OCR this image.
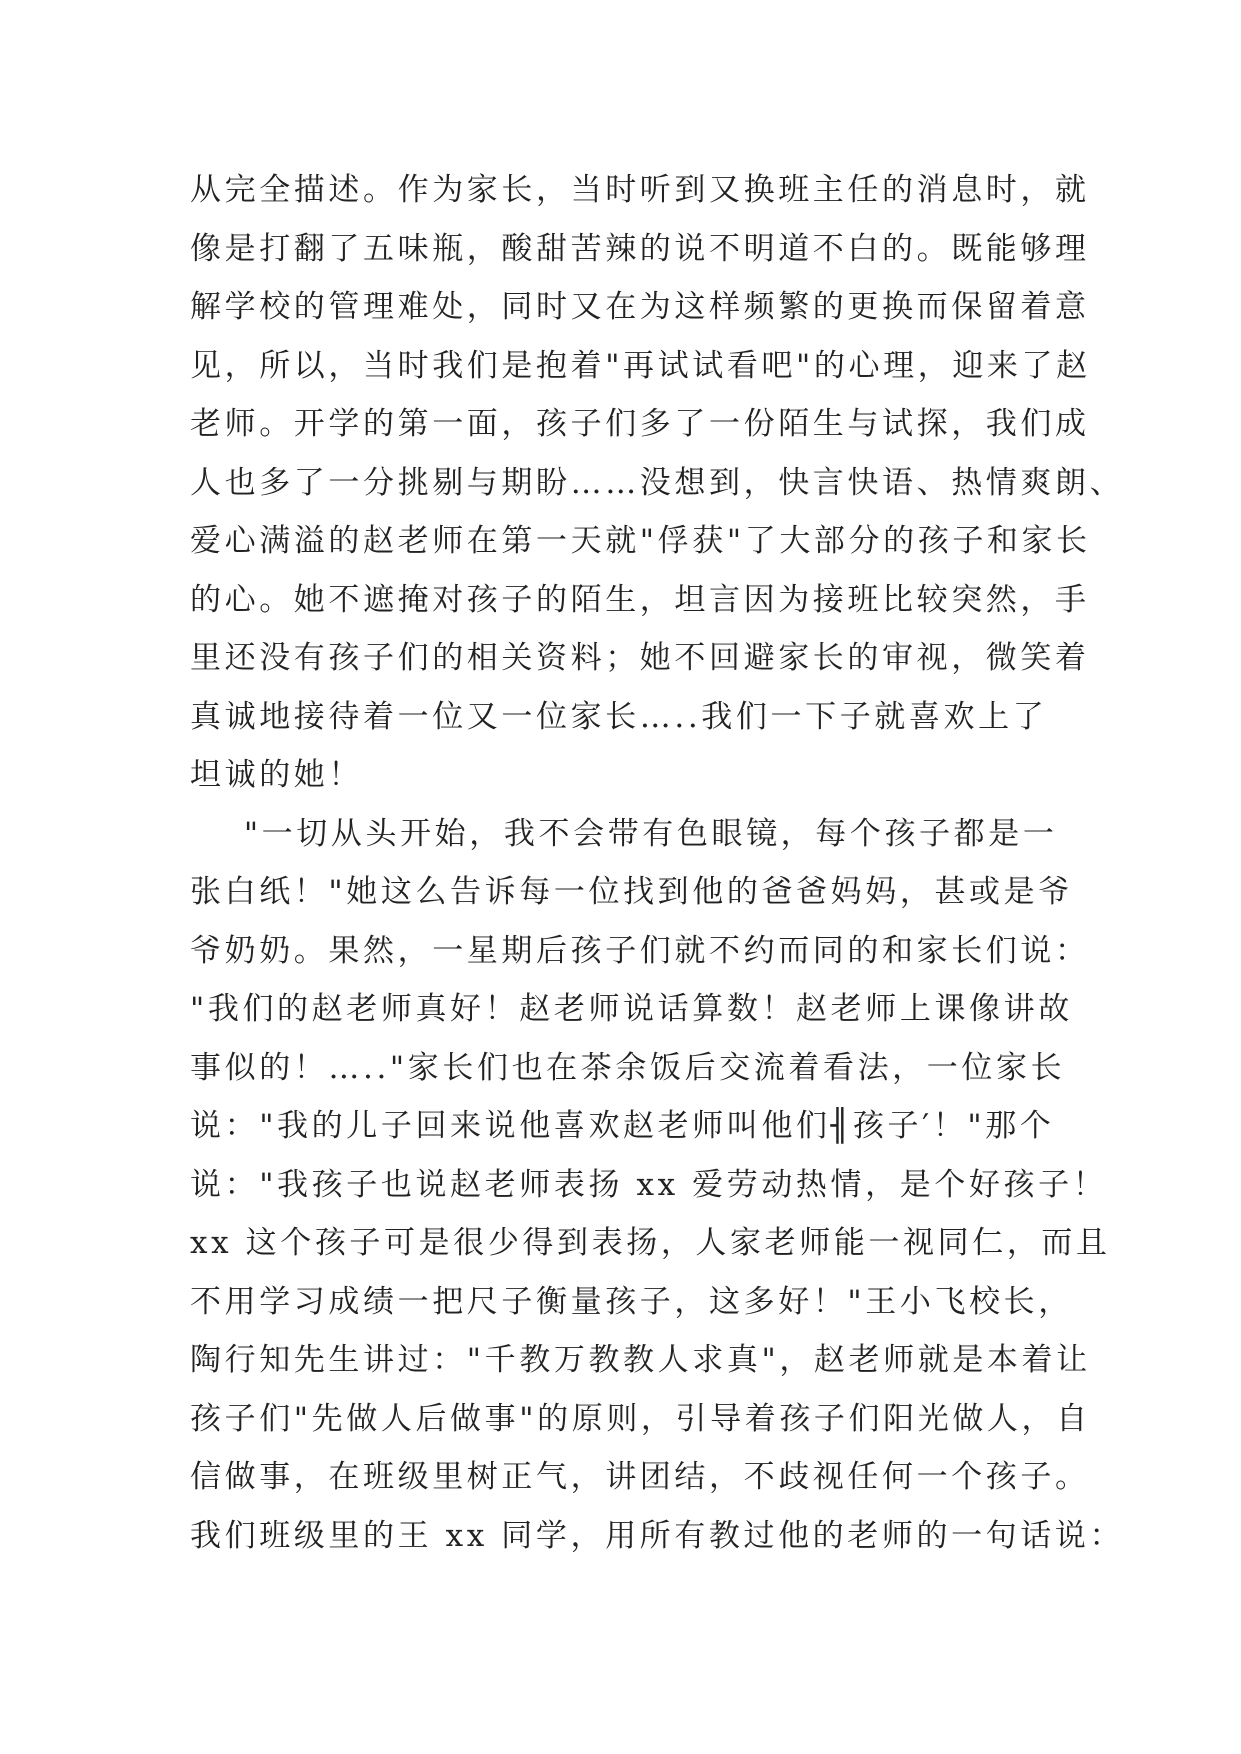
从完全描述。作为家长，当时听到又换班主任的消息时，就
像是打翻了五味瓶，酸甜苦辣的说不明道不白的。既能够理
解学校的管理难处，同时又在为这样频繁的更换而保留着意
见，所以，当时我们是抱着"再试试看吧"的心理，迎来了赵
老师。开学的第一面，孩子们多了一份陌生与试探，我们成
人也多了一分挑剔与期盼……没想到，快言快语、热情爽朗、
爱心满溢的赵老师在第一天就"俘获"了大部分的孩子和家长
的心。她不遮掩对孩子的陌生，坦言因为接班比较突然，手
里还没有孩子们的相关资料；她不回避家长的审视，微笑着
真诚地接待着一位又一位家长…..我们一下子就喜欢上了
坦诚的她！
"一切从头开始，我不会带有色眼镜，每个孩子都是一
张白纸！"她这么告诉每一位找到他的爸爸妈妈，甚或是爷
爷奶奶。果然，一星期后孩子们就不约而同的和家长们说：
"我们的赵老师真好！赵老师说话算数！赵老师上课像讲故
事似的！….."家长们也在茶余饭后交流着看法，一位家长
说："我的儿子回来说他喜欢赵老师叫他们╢孩子′！"那个
说："我孩子也说赵老师表扬 xx 爱劳动热情，是个好孩子！
xx 这个孩子可是很少得到表扬，人家老师能一视同仁，而且
不用学习成绩一把尺子衡量孩子，这多好！"王小飞校长，
陶行知先生讲过："千教万教教人求真"，赵老师就是本着让
孩子们"先做人后做事"的原则，引导着孩子们阳光做人，自
信做事，在班级里树正气，讲团结，不歧视任何一个孩子。
我们班级里的王 xx 同学，用所有教过他的老师的一句话说：
